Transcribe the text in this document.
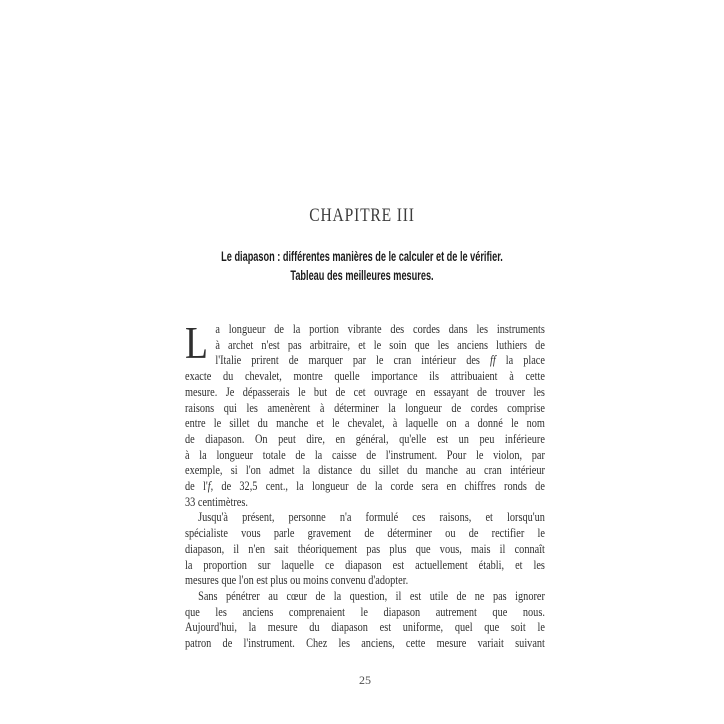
CHAPITRE III
Le diapason : différentes manières de le calculer et de le vérifier.
Tableau des meilleures mesures.
L a longueur de la portion vibrante des cordes dans les instruments
à archet n'est pas arbitraire, et le soin que les anciens luthiers de
l'Italie prirent de marquer par le cran intérieur des ff la place
exacte du chevalet, montre quelle importance ils attribuaient à cette
mesure. Je dépasserais le but de cet ouvrage en essayant de trouver les
raisons qui les amenèrent à déterminer la longueur de cordes comprise
entre le sillet du manche et le chevalet, à laquelle on a donné le nom
de diapason. On peut dire, en général, qu'elle est un peu inférieure
à la longueur totale de la caisse de l'instrument. Pour le violon, par
exemple, si l'on admet la distance du sillet du manche au cran intérieur
de l'f, de 32,5 cent., la longueur de la corde sera en chiffres ronds de
33 centimètres.
Jusqu'à présent, personne n'a formulé ces raisons, et lorsqu'un
spécialiste vous parle gravement de déterminer ou de rectifier le
diapason, il n'en sait théoriquement pas plus que vous, mais il connaît
la proportion sur laquelle ce diapason est actuellement établi, et les
mesures que l'on est plus ou moins convenu d'adopter.
Sans pénétrer au cœur de la question, il est utile de ne pas ignorer
que les anciens comprenaient le diapason autrement que nous.
Aujourd'hui, la mesure du diapason est uniforme, quel que soit le
patron de l'instrument. Chez les anciens, cette mesure variait suivant
25
